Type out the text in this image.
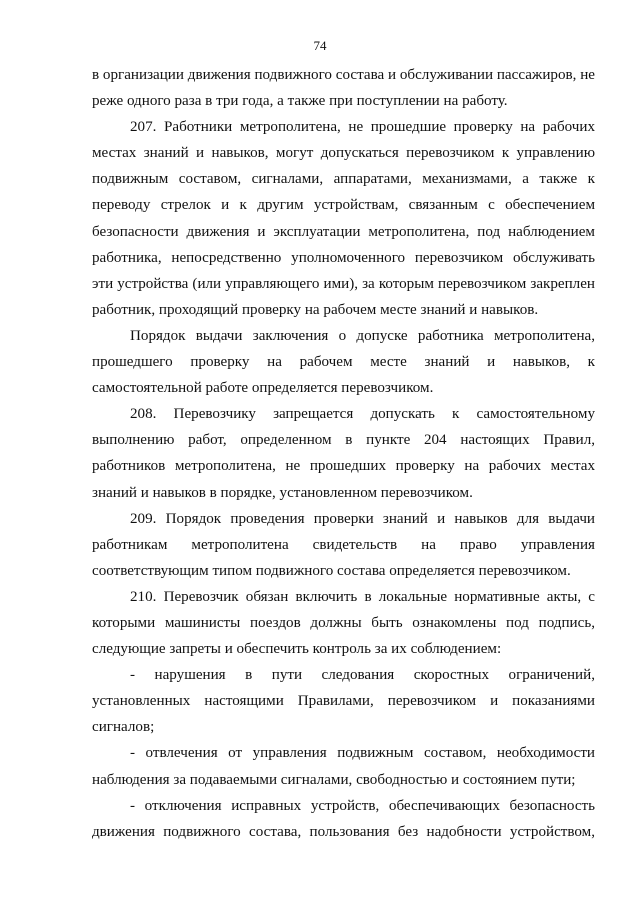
74

в организации движения подвижного состава и обслуживании пассажиров, не реже одного раза в три года, а также при поступлении на работу.

207. Работники метрополитена, не прошедшие проверку на рабочих местах знаний и навыков, могут допускаться перевозчиком к управлению подвижным составом, сигналами, аппаратами, механизмами, а также к переводу стрелок и к другим устройствам, связанным с обеспечением безопасности движения и эксплуатации метрополитена, под наблюдением работника, непосредственно уполномоченного перевозчиком обслуживать эти устройства (или управляющего ими), за которым перевозчиком закреплен работник, проходящий проверку на рабочем месте знаний и навыков.

Порядок выдачи заключения о допуске работника метрополитена, прошедшего проверку на рабочем месте знаний и навыков, к самостоятельной работе определяется перевозчиком.

208. Перевозчику запрещается допускать к самостоятельному выполнению работ, определенном в пункте 204 настоящих Правил, работников метрополитена, не прошедших проверку на рабочих местах знаний и навыков в порядке, установленном перевозчиком.

209. Порядок проведения проверки знаний и навыков для выдачи работникам метрополитена свидетельств на право управления соответствующим типом подвижного состава определяется перевозчиком.

210. Перевозчик обязан включить в локальные нормативные акты, с которыми машинисты поездов должны быть ознакомлены под подпись, следующие запреты и обеспечить контроль за их соблюдением:

- нарушения в пути следования скоростных ограничений, установленных настоящими Правилами, перевозчиком и показаниями сигналов;

- отвлечения от управления подвижным составом, необходимости наблюдения за подаваемыми сигналами, свободностью и состоянием пути;

- отключения исправных устройств, обеспечивающих безопасность движения подвижного состава, пользования без надобности устройством,
